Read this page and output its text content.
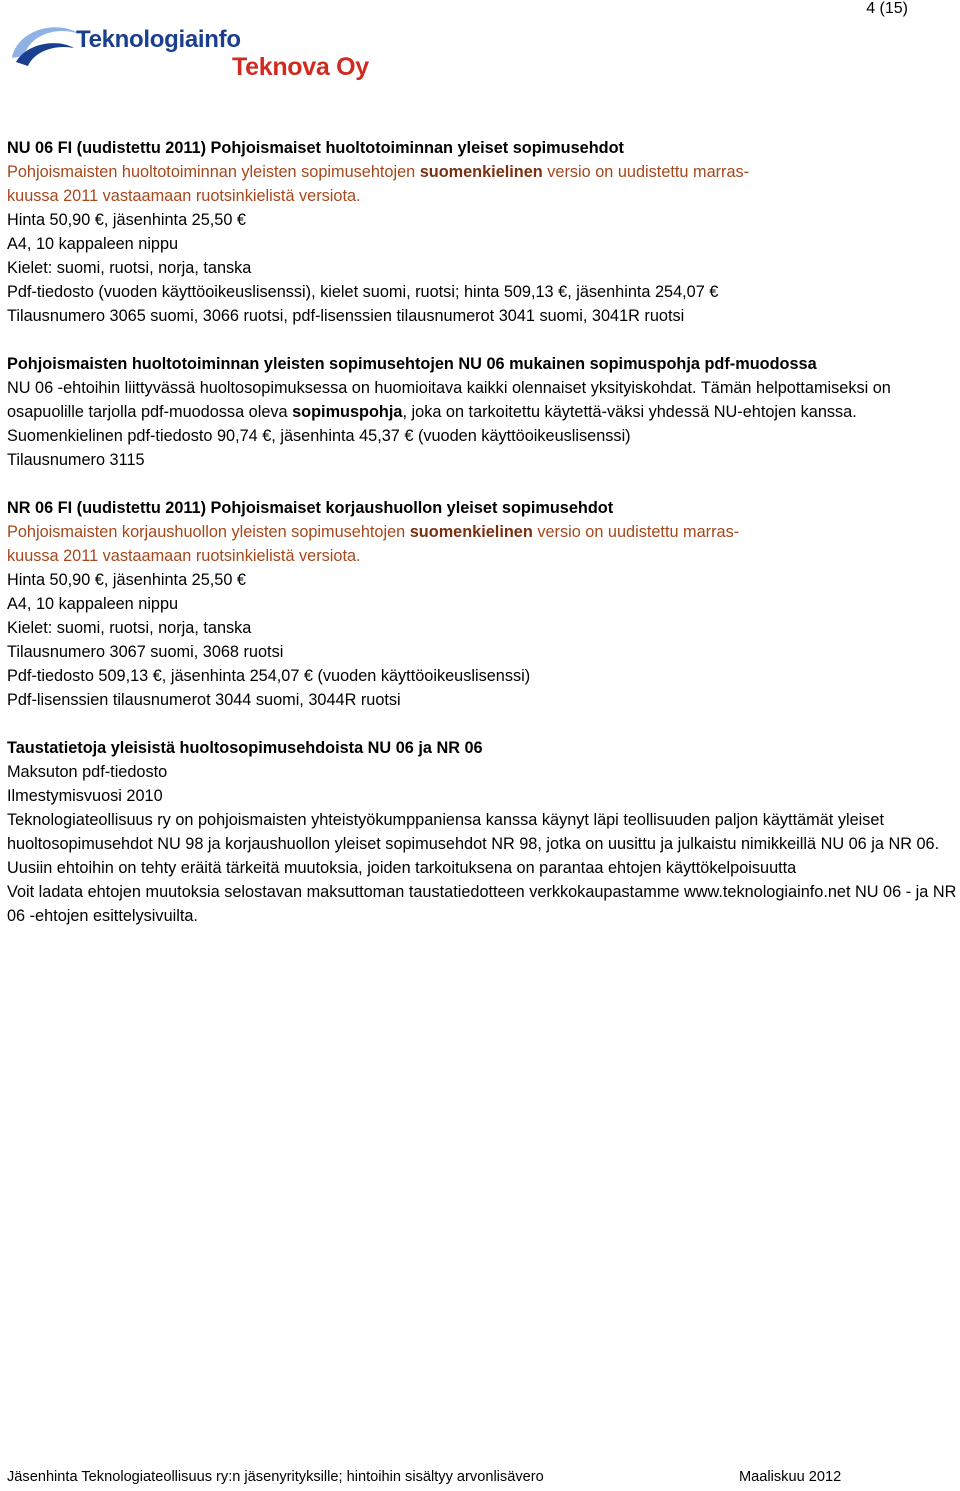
4 (15)
Teknologiainfo
Teknova Oy
NU 06 FI (uudistettu 2011) Pohjoismaiset huoltotoiminnan yleiset sopimusehdot
Pohjoismaisten huoltotoiminnan yleisten sopimusehtojen suomenkielinen versio on uudistettu marras-
kuussa 2011 vastaamaan ruotsinkielistä versiota.
Hinta 50,90 €, jäsenhinta 25,50 €
A4, 10 kappaleen nippu
Kielet: suomi, ruotsi, norja, tanska
Pdf-tiedosto (vuoden käyttöoikeuslisenssi), kielet suomi, ruotsi; hinta 509,13 €, jäsenhinta 254,07 €
Tilausnumero 3065 suomi, 3066 ruotsi, pdf-lisenssien tilausnumerot 3041 suomi, 3041R ruotsi
Pohjoismaisten huoltotoiminnan yleisten sopimusehtojen NU 06 mukainen sopimuspohja pdf-muodossa
NU 06 -ehtoihin liittyvässä huoltosopimuksessa on huomioitava kaikki olennaiset yksityiskohdat. Tämän helpottamiseksi on osapuolille tarjolla pdf-muodossa oleva sopimuspohja, joka on tarkoitettu käytettä-väksi yhdessä NU-ehtojen kanssa.
Suomenkielinen pdf-tiedosto 90,74 €, jäsenhinta 45,37 € (vuoden käyttöoikeuslisenssi)
Tilausnumero 3115
NR 06 FI (uudistettu 2011) Pohjoismaiset korjaushuollon yleiset sopimusehdot
Pohjoismaisten korjaushuollon yleisten sopimusehtojen suomenkielinen versio on uudistettu marras-
kuussa 2011 vastaamaan ruotsinkielistä versiota.
Hinta 50,90 €, jäsenhinta 25,50 €
A4, 10 kappaleen nippu
Kielet: suomi, ruotsi, norja, tanska
Tilausnumero 3067 suomi, 3068 ruotsi
Pdf-tiedosto 509,13 €, jäsenhinta 254,07 € (vuoden käyttöoikeuslisenssi)
Pdf-lisenssien tilausnumerot 3044 suomi, 3044R ruotsi
Taustatietoja yleisistä huoltosopimusehdoista NU 06 ja NR 06
Maksuton pdf-tiedosto
Ilmestymisvuosi 2010
Teknologiateollisuus ry on pohjoismaisten yhteistyökumppaniensa kanssa käynyt läpi teollisuuden paljon käyttämät yleiset huoltosopimusehdot NU 98 ja korjaushuollon yleiset sopimusehdot NR 98, jotka on uusittu ja julkaistu nimikkeillä NU 06 ja NR 06. Uusiin ehtoihin on tehty eräitä tärkeitä muutoksia, joiden tarkoituksena on parantaa ehtojen käyttökelpoisuutta
Voit ladata ehtojen muutoksia selostavan maksuttoman taustatiedotteen verkkokaupastamme www.teknologiainfo.net NU 06 - ja NR 06 -ehtojen esittelysivuilta.
Jäsenhinta Teknologiateollisuus ry:n jäsenyrityksille; hintoihin sisältyy arvonlisävero	Maaliskuu 2012
